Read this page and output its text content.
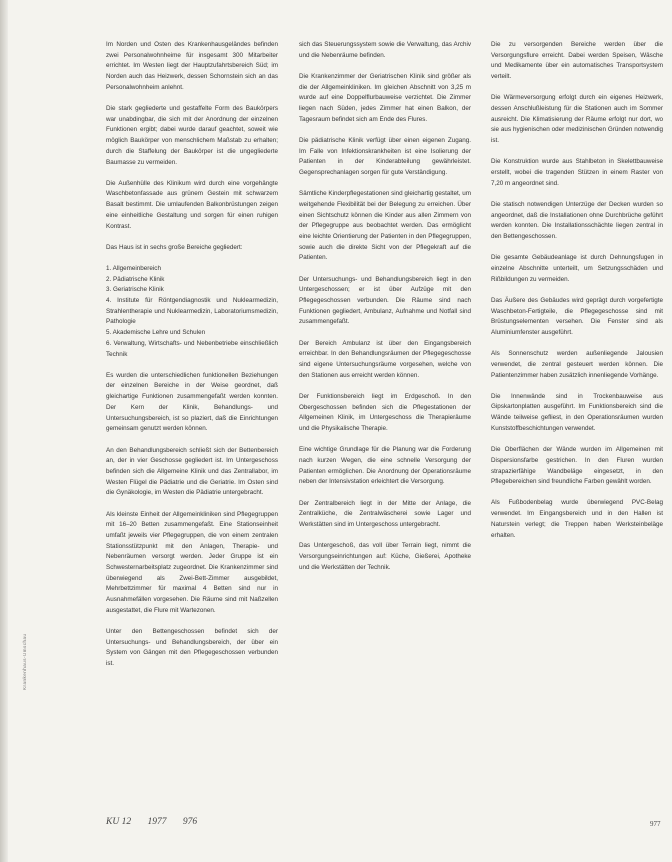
Krankenhaus-Umschau

Im Norden und Osten des Krankenhausgeländes befinden zwei Personalwohnheime für insgesamt 300 Mitarbeiter errichtet. Im Westen liegt der Hauptzufahrtsbereich Süd; im Norden auch das Heizwerk, dessen Schornstein sich an das Personalwohnheim anlehnt.

Die stark gegliederte und gestaffelte Form des Baukörpers war unabdingbar, die sich mit der Anordnung der einzelnen Funktionen ergibt; dabei wurde darauf geachtet, soweit wie möglich Baukörper von menschlichem Maßstab zu erhalten; durch die Staffelung der Baukörper ist die ungegliederte Baumasse zu vermeiden.

Die Außenhülle des Klinikum wird durch eine vorgehängte Waschbetonfassade aus grünem Gestein mit schwarzem Basalt bestimmt. Die umlaufenden Balkonbrüstungen zeigen eine einheitliche Gestaltung und sorgen für einen ruhigen Kontrast.

Das Haus ist in sechs große Bereiche gegliedert:

1. Allgemeinbereich
2. Pädiatrische Klinik
3. Geriatrische Klinik
4. Institute für Röntgendiagnostik und Nuklearmedizin, Strahlentherapie und Nuklearmedizin, Laboratoriumsmedizin, Pathologie
5. Akademische Lehre und Schulen
6. Verwaltung, Wirtschafts- und Nebenbetriebe einschließlich Technik

Es wurden die unterschiedlichen funktionellen Beziehungen der einzelnen Bereiche in der Weise geordnet, daß gleichartige Funktionen zusammengefaßt werden konnten. Der Kern der Klinik, Behandlungs- und Untersuchungsbereich, ist so plaziert, daß die Einrichtungen gemeinsam genutzt werden können.

An den Behandlungsbereich schließt sich der Bettenbereich an, der in vier Geschosse gegliedert ist. Im Untergeschoss befinden sich die Allgemeine Klinik und das Zentrallabor, im Westen Flügel die Pädiatrie und die Geriatrie. Im Osten sind die Gynäkologie, im Westen die Pädiatrie untergebracht.

Als kleinste Einheit der Allgemeinkliniken sind Pflegegruppen mit 16–20 Betten zusammengefaßt. Eine Stationseinheit umfaßt jeweils vier Pflegegruppen, die von einem zentralen Stationsstützpunkt mit den Anlagen, Therapie- und Nebenräumen versorgt werden. Jeder Gruppe ist ein Schwesternarbeitsplatz zugeordnet. Die Krankenzimmer sind überwiegend als Zwei-Bett-Zimmer ausgebildet, Mehrbettzimmer für maximal 4 Betten sind nur in Ausnahmefällen vorgesehen. Die Räume sind mit Naßzellen ausgestattet, die Flure mit Wartezonen.

Unter den Bettengeschossen befindet sich der Untersuchungs- und Behandlungsbereich, der über ein System von Gängen mit den Pflegegeschossen verbunden ist.

sich das Steuerungssystem sowie die Verwaltung, das Archiv und die Nebenräume befinden.

Die Krankenzimmer der Geriatrischen Klinik sind größer als die der Allgemeinkliniken. Im gleichen Abschnitt von 3,25 m wurde auf eine Doppelflurbauweise verzichtet. Die Zimmer liegen nach Süden, jedes Zimmer hat einen Balkon, der Tagesraum befindet sich am Ende des Flures.

Die pädiatrische Klinik verfügt über einen eigenen Zugang. Im Falle von Infektionskrankheiten ist eine Isolierung der Patienten in der Kinderabteilung gewährleistet. Gegensprechanlagen sorgen für gute Verständigung.

Sämtliche Kinderpflegestationen sind gleichartig gestaltet, um weitgehende Flexibilität bei der Belegung zu erreichen. Über einen Sichtschutz können die Kinder aus allen Zimmern von der Pflegegruppe aus beobachtet werden. Das ermöglicht eine leichte Orientierung der Patienten in den Pflegegruppen, sowie auch die direkte Sicht von der Pflegekraft auf die Patienten.

Der Untersuchungs- und Behandlungsbereich liegt in den Untergeschossen; er ist über Aufzüge mit den Pflegegeschossen verbunden. Die Räume sind nach Funktionen gegliedert, Ambulanz, Aufnahme und Notfall sind zusammengefaßt.

Der Bereich Ambulanz ist über den Eingangsbereich erreichbar. In den Behandlungsräumen der Pflegegeschosse sind eigene Untersuchungsräume vorgesehen, welche von den Stationen aus erreicht werden können.

Der Funktionsbereich liegt im Erdgeschoß. In den Obergeschossen befinden sich die Pflegestationen der Allgemeinen Klinik, im Untergeschoss die Therapieräume und die Physikalische Therapie.

Eine wichtige Grundlage für die Planung war die Forderung nach kurzen Wegen, die eine schnelle Versorgung der Patienten ermöglichen. Die Anordnung der Operationsräume neben der Intensivstation erleichtert die Versorgung.

Der Zentralbereich liegt in der Mitte der Anlage, die Zentralküche, die Zentralwäscherei sowie Lager und Werkstätten sind im Untergeschoss untergebracht.

Das Untergeschoß, das voll über Terrain liegt, nimmt die Versorgungseinrichtungen auf: Küche, Gießerei, Apotheke und die Werkstätten der Technik.

Die zu versorgenden Bereiche werden über die Versorgungsflure erreicht. Dabei werden Speisen, Wäsche und Medikamente über ein automatisches Transportsystem verteilt.

Die Wärmeversorgung erfolgt durch ein eigenes Heizwerk, dessen Anschlußleistung für die Stationen auch im Sommer ausreicht. Die Klimatisierung der Räume erfolgt nur dort, wo sie aus hygienischen oder medizinischen Gründen notwendig ist.

Die Konstruktion wurde aus Stahlbeton in Skelettbauweise erstellt, wobei die tragenden Stützen in einem Raster von 7,20 m angeordnet sind.

Die statisch notwendigen Unterzüge der Decken wurden so angeordnet, daß die Installationen ohne Durchbrüche geführt werden konnten. Die Installationsschächte liegen zentral in den Bettengeschossen.

Die gesamte Gebäudeanlage ist durch Dehnungsfugen in einzelne Abschnitte unterteilt, um Setzungsschäden und Rißbildungen zu vermeiden.

Das Äußere des Gebäudes wird geprägt durch vorgefertigte Waschbeton-Fertigteile, die Pflegegeschosse sind mit Brüstungselementen versehen. Die Fenster sind als Aluminiumfenster ausgeführt.

Als Sonnenschutz werden außenliegende Jalousien verwendet, die zentral gesteuert werden können. Die Patientenzimmer haben zusätzlich innenliegende Vorhänge.

Die Innenwände sind in Trockenbauweise aus Gipskartonplatten ausgeführt. Im Funktionsbereich sind die Wände teilweise gefliest, in den Operationsräumen wurden Kunststoffbeschichtungen verwendet.

Die Oberflächen der Wände wurden im Allgemeinen mit Dispersionsfarbe gestrichen. In den Fluren wurden strapazierfähige Wandbeläge eingesetzt, in den Pflegebereichen sind freundliche Farben gewählt worden.

Als Fußbodenbelag wurde überwiegend PVC-Belag verwendet. Im Eingangsbereich und in den Hallen ist Naturstein verlegt; die Treppen haben Werksteinbeläge erhalten.

KU 12 1977 976	977
